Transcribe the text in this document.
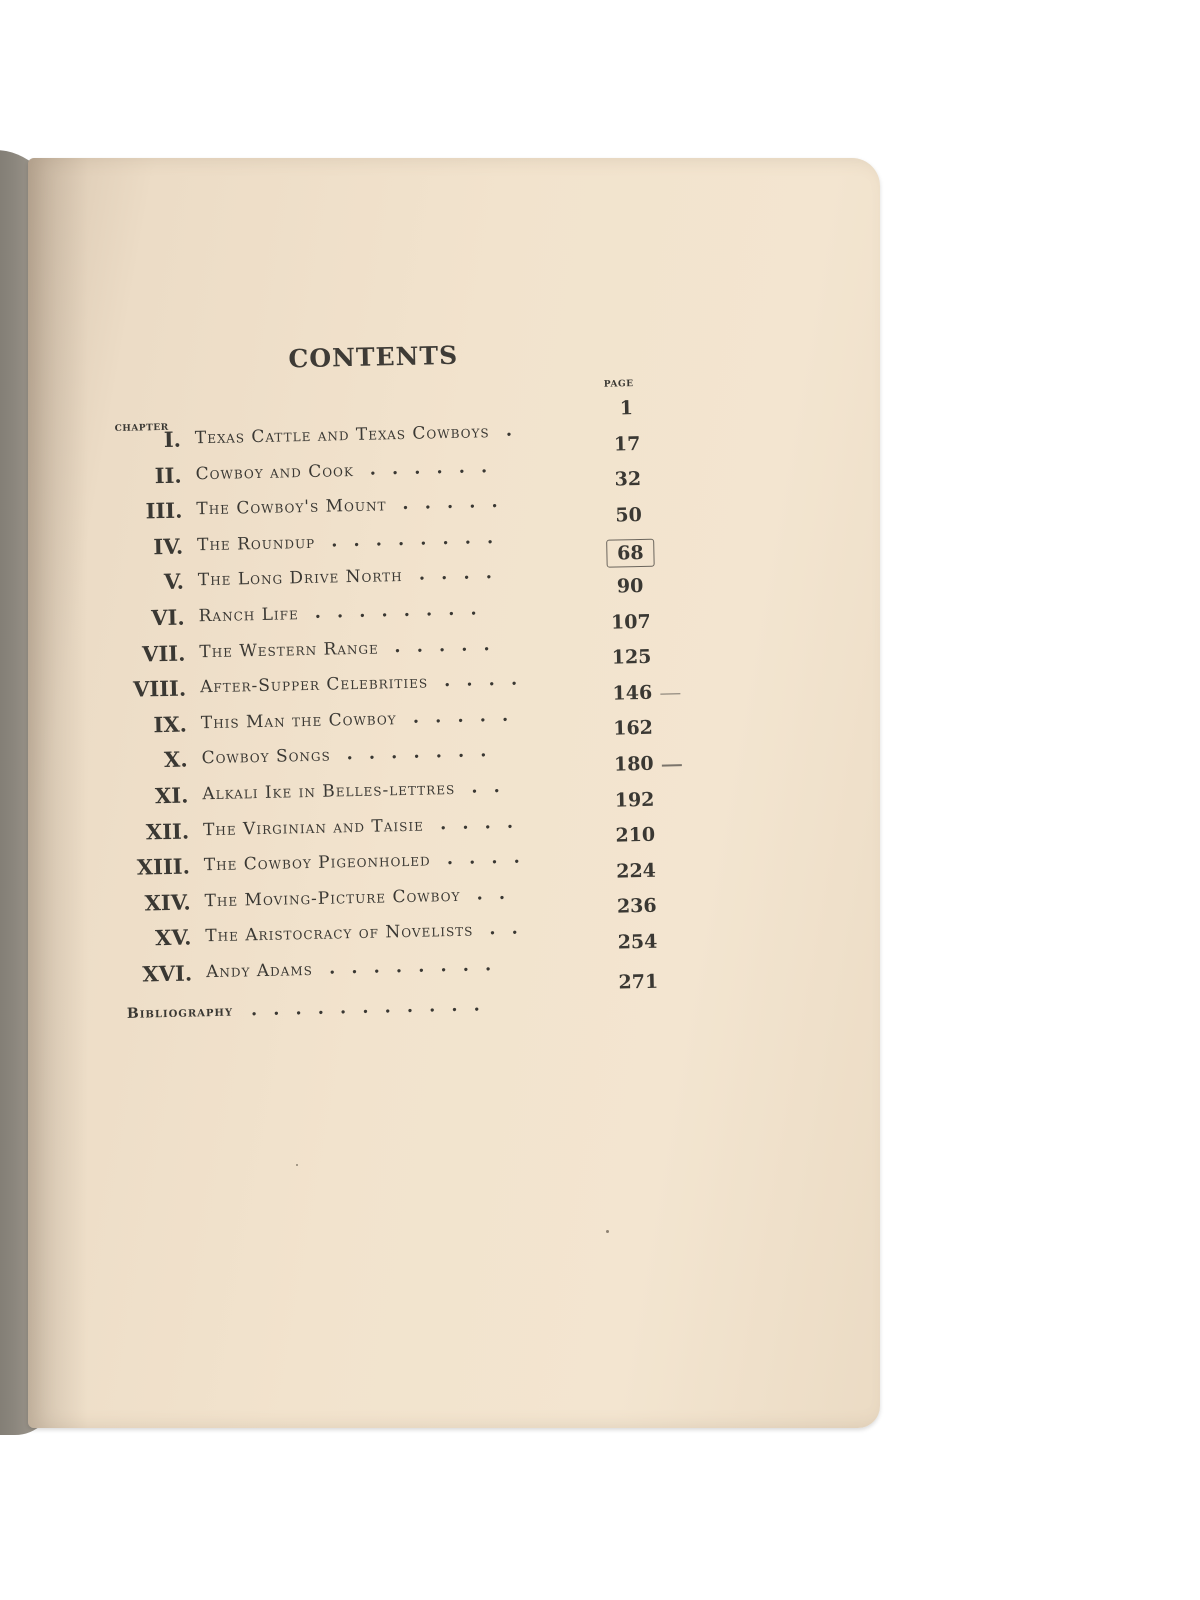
CONTENTS
CHAPTER
PAGE
I. Texas Cattle and Texas Cowboys .
1
II. Cowboy and Cook ......
17
III. The Cowboy's Mount .....
32
IV. The Roundup ........
50
V. The Long Drive North ....
68
VI. Ranch Life ........
90
VII. The Western Range .....
107
VIII. After-Supper Celebrities ....
125
IX. This Man the Cowboy .....
146
X. Cowboy Songs .......
162
XI. Alkali Ike in Belles-lettres ..
180
XII. The Virginian and Taisie ....
192
XIII. The Cowboy Pigeonholed ....
210
XIV. The Moving-Picture Cowboy ..
224
XV. The Aristocracy of Novelists ..
236
XVI. Andy Adams ........
254
Bibliography ...........
271
